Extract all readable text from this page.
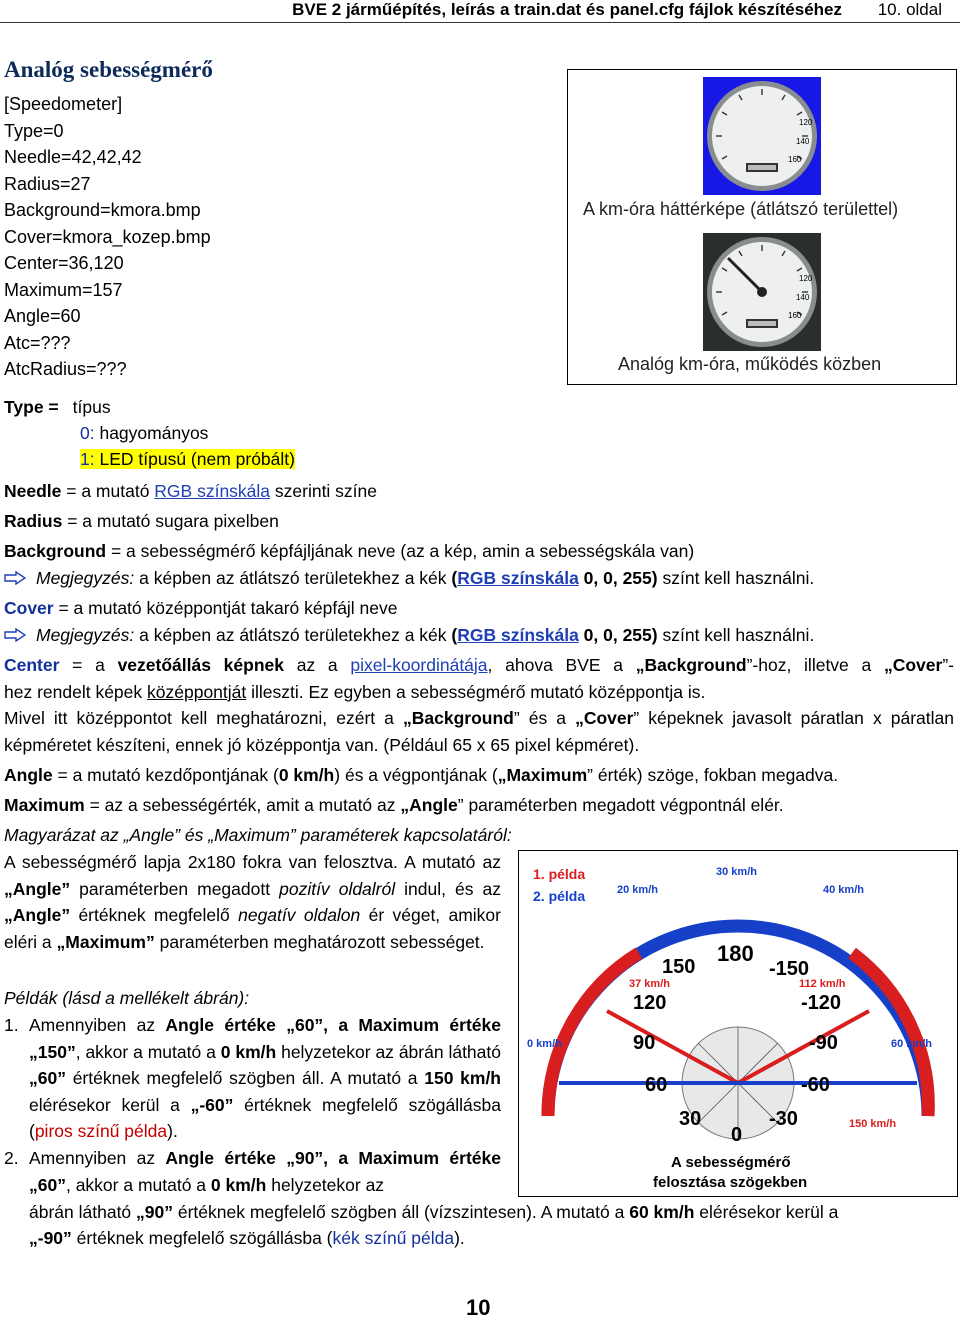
BVE 2 járműépítés, leírás a train.dat és panel.cfg fájlok készítéséhez 10. oldal
Analóg sebességmérő
[Speedometer]
Type=0
Needle=42,42,42
Radius=27
Background=kmora.bmp
Cover=kmora_kozep.bmp
Center=36,120
Maximum=157
Angle=60
Atc=???
AtcRadius=???
120
140
160
A km-óra háttérképe (átlátszó területtel)
120
140
160
Analóg km-óra, működés közben
Type = típus
0: hagyományos
1: LED típusú (nem próbált)
Needle = a mutató RGB színskála szerinti színe
Radius = a mutató sugara pixelben
Background = a sebességmérő képfájljának neve (az a kép, amin a sebességskála van)
Megjegyzés: a képben az átlátszó területekhez a kék (RGB színskála 0, 0, 255) színt kell használni.
Cover = a mutató középpontját takaró képfájl neve
Megjegyzés: a képben az átlátszó területekhez a kék (RGB színskála 0, 0, 255) színt kell használni.
Center = a vezetőállás képnek az a pixel-koordinátája, ahova BVE a „Background”-hoz, illetve a „Cover”-
hez rendelt képek középpontját illeszti. Ez egyben a sebességmérő mutató középpontja is.
Mivel itt középpontot kell meghatározni, ezért a „Background” és a „Cover” képeknek javasolt páratlan x páratlan képméretet készíteni, ennek jó középpontja van. (Például 65 x 65 pixel képméret).
Angle = a mutató kezdőpontjának (0 km/h) és a végpontjának („Maximum” érték) szöge, fokban megadva.
Maximum = az a sebességérték, amit a mutató az „Angle” paraméterben megadott végpontnál elér.
Magyarázat az „Angle” és „Maximum” paraméterek kapcsolatáról:
A sebességmérő lapja 2x180 fokra van felosztva. A mutató az „Angle” paraméterben megadott pozitív oldalról indul, és az „Angle” értéknek megfelelő negatív oldalon ér véget, amikor eléri a „Maximum” paraméterben meghatározott sebességet.
Példák (lásd a mellékelt ábrán):
1. Amennyiben az Angle értéke „60”, a Maximum értéke „150”, akkor a mutató a 0 km/h helyzetekor az ábrán látható „60” értéknek megfelelő szögben áll. A mutató a 150 km/h elérésekor kerül a „-60” értéknek megfelelő szögállásba (piros színű példa).
2. Amennyiben az Angle értéke „90”, a Maximum értéke „60”, akkor a mutató a 0 km/h helyzetekor az
ábrán látható „90” értéknek megfelelő szögben áll (vízszintesen). A mutató a 60 km/h elérésekor kerül a
„-90” értéknek megfelelő szögállásba (kék színű példa).
1. példa
2. példa
180
150	-150
120	-120
90	-90
60	-60
30	-30
0
30 km/h
20 km/h	40 km/h
0 km/h	60 km/h
37 km/h	112 km/h
150 km/h
A sebességmérő
felosztása szögekben
10
